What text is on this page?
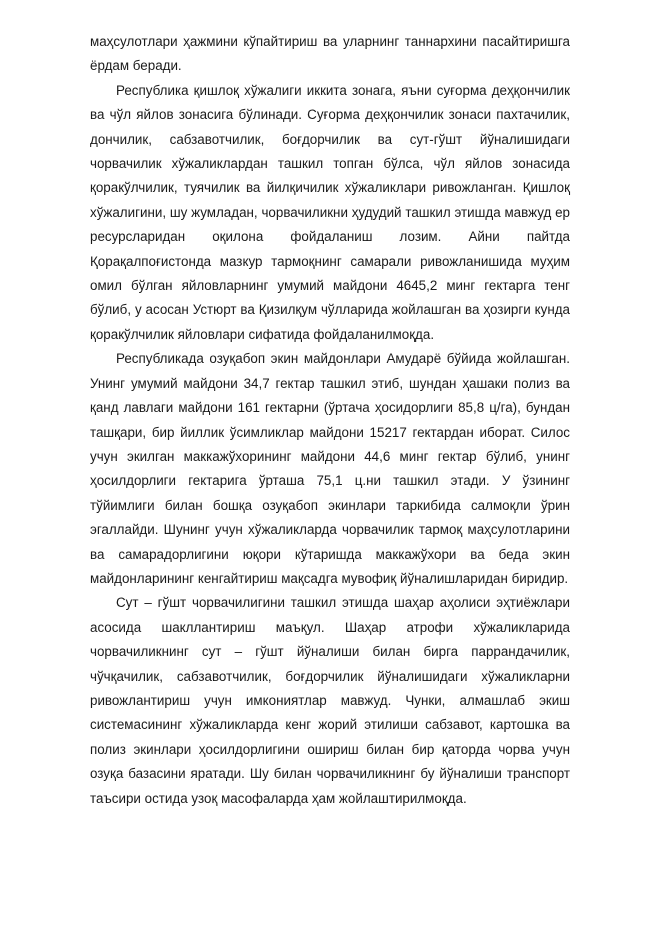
маҳсулотлари ҳажмини кўпайтириш ва уларнинг таннархини пасайтиришга ёрдам беради.

Республика қишлоқ хўжалиги иккита зонага, яъни суғорма деҳқончилик ва чўл яйлов зонасига бўлинади. Суғорма деҳқончилик зонаси пахтачилик, дончилик, сабзавотчилик, боғдорчилик ва сут-гўшт йўналишидаги чорвачилик хўжаликлардан ташкил топган бўлса, чўл яйлов зонасида қоракўлчилик, туячилик ва йилқичилик хўжаликлари ривожланган. Қишлоқ хўжалигини, шу жумладан, чорвачиликни ҳудудий ташкил этишда мавжуд ер ресурсларидан оқилона фойдаланиш лозим. Айни пайтда Қорақалпоғистонда мазкур тармоқнинг самарали ривожланишида муҳим омил бўлган яйловларнинг умумий майдони 4645,2 минг гектарга тенг бўлиб, у асосан Устюрт ва Қизилқум чўлларида жойлашган ва ҳозирги кунда қоракўлчилик яйловлари сифатида фойдаланилмоқда.

Республикада озуқабоп экин майдонлари Амударё бўйида жойлашган. Унинг умумий майдони 34,7 гектар ташкил этиб, шундан ҳашаки полиз ва қанд лавлаги майдони 161 гектарни (ўртача ҳосидорлиги 85,8 ц/га), бундан ташқари, бир йиллик ўсимликлар майдони 15217 гектардан иборат. Силос учун экилган маккажўхорининг майдони 44,6 минг гектар бўлиб, унинг ҳосилдорлиги гектарига ўрташа 75,1 ц.ни ташкил этади. У ўзининг тўйимлиги билан бошқа озуқабоп экинлари таркибида салмоқли ўрин эгаллайди. Шунинг учун хўжаликларда чорвачилик тармоқ маҳсулотларини ва самарадорлигини юқори кўтаришда маккажўхори ва беда экин майдонларининг кенгайтириш мақсадга мувофиқ йўналишларидан биридир.

Сут – гўшт чорвачилигини ташкил этишда шаҳар аҳолиси эҳтиёжлари асосида шакллантириш маъқул. Шаҳар атрофи хўжаликларида чорвачиликнинг сут – гўшт йўналиши билан бирга паррандачилик, чўчқачилик, сабзавотчилик, боғдорчилик йўналишидаги хўжаликларни ривожлантириш учун имкониятлар мавжуд. Чунки, алмашлаб экиш системасининг хўжаликларда кенг жорий этилиши сабзавот, картошка ва полиз экинлари ҳосилдорлигини ошириш билан бир қаторда чорва учун озуқа базасини яратади. Шу билан чорвачиликнинг бу йўналиши транспорт таъсири остида узоқ масофаларда ҳам жойлаштирилмоқда.
